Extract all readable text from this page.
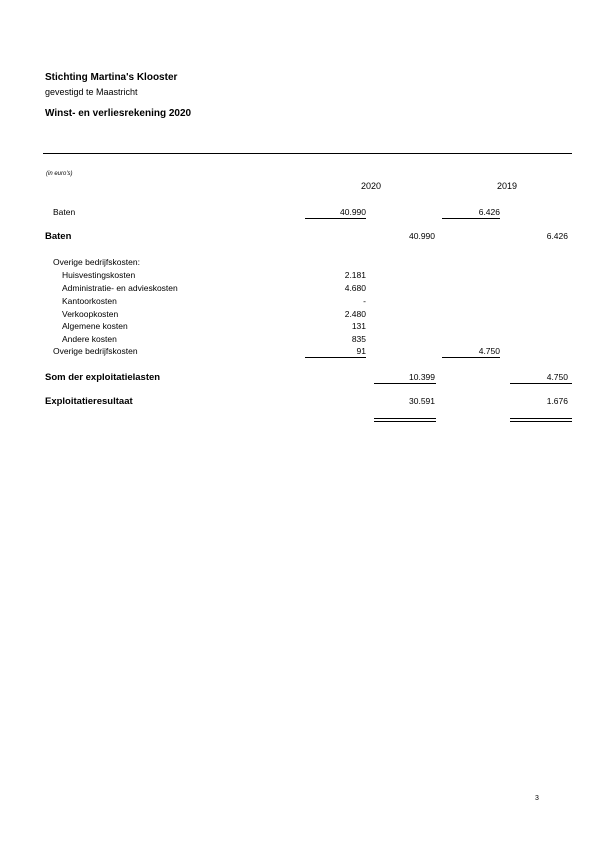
Stichting Martina's Klooster
gevestigd te Maastricht
Winst- en verliesrekening 2020
(in euro's)
2020	2019
Baten	40.990	6.426
Baten	40.990	6.426
Overige bedrijfskosten:
Huisvestingskosten	2.181
Administratie- en advieskosten	4.680
Kantoorkosten	-
Verkoopkosten	2.480
Algemene kosten	131
Andere kosten	835
Overige bedrijfskosten	91	4.750
Som der exploitatielasten	10.399	4.750
Exploitatieresultaat	30.591	1.676
3
